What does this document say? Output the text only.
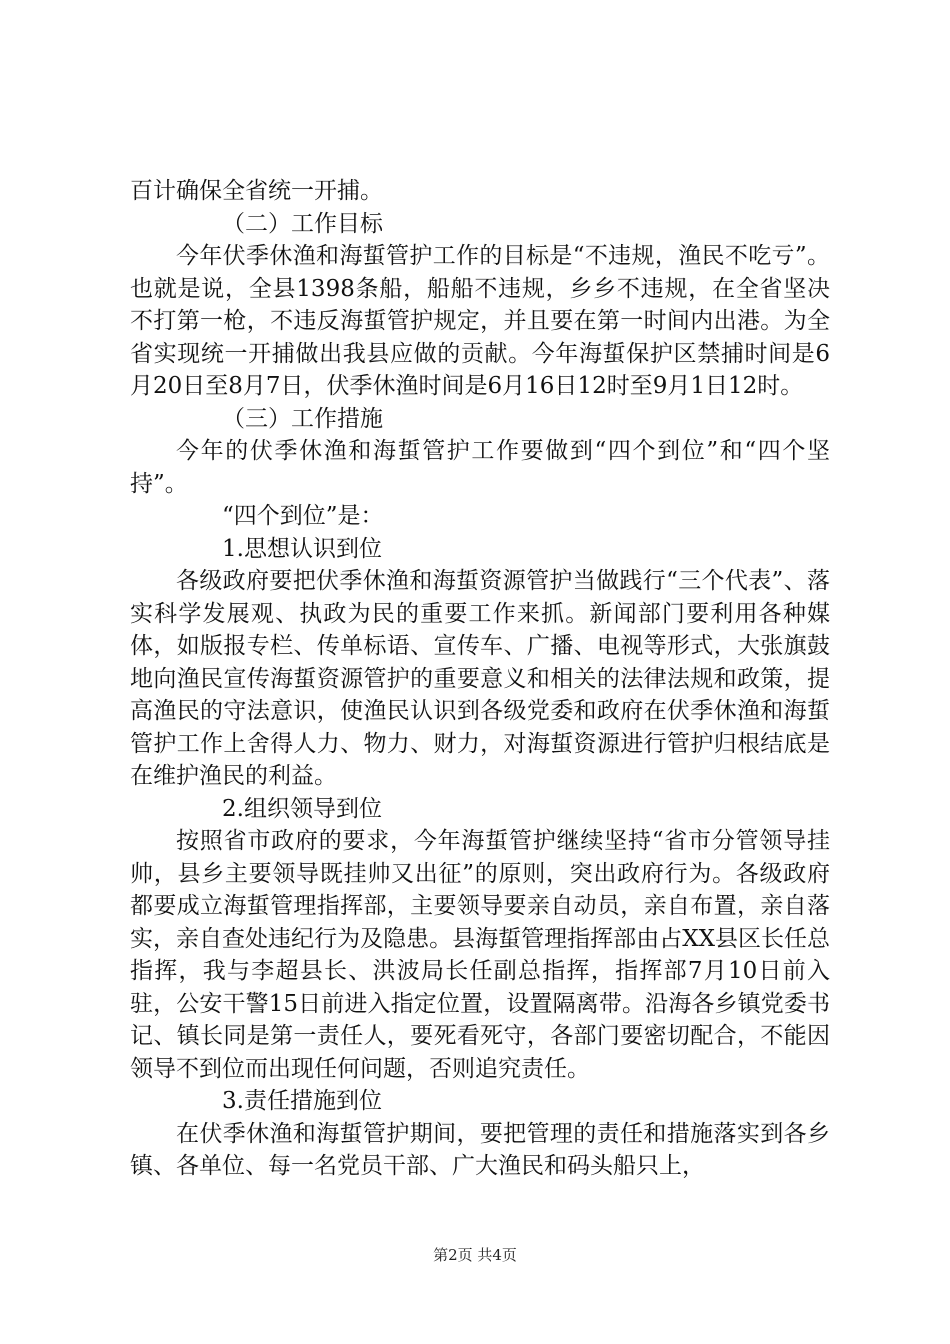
百计确保全省统一开捕。

（二）工作目标

今年伏季休渔和海蜇管护工作的目标是“不违规，渔民不吃亏”。也就是说，全县1398条船，船船不违规，乡乡不违规，在全省坚决不打第一枪，不违反海蜇管护规定，并且要在第一时间内出港。为全省实现统一开捕做出我县应做的贡献。今年海蜇保护区禁捕时间是6月20日至8月7日，伏季休渔时间是6月16日12时至9月1日12时。

（三）工作措施

今年的伏季休渔和海蜇管护工作要做到“四个到位”和“四个坚持”。

“四个到位”是：

1.思想认识到位

各级政府要把伏季休渔和海蜇资源管护当做践行“三个代表”、落实科学发展观、执政为民的重要工作来抓。新闻部门要利用各种媒体，如版报专栏、传单标语、宣传车、广播、电视等形式，大张旗鼓地向渔民宣传海蜇资源管护的重要意义和相关的法律法规和政策，提高渔民的守法意识，使渔民认识到各级党委和政府在伏季休渔和海蜇管护工作上舍得人力、物力、财力，对海蜇资源进行管护归根结底是在维护渔民的利益。

2.组织领导到位

按照省市政府的要求，今年海蜇管护继续坚持“省市分管领导挂帅，县乡主要领导既挂帅又出征”的原则，突出政府行为。各级政府都要成立海蜇管理指挥部，主要领导要亲自动员，亲自布置，亲自落实，亲自查处违纪行为及隐患。县海蜇管理指挥部由占XX县区长任总指挥，我与李超县长、洪波局长任副总指挥，指挥部7月10日前入驻，公安干警15日前进入指定位置，设置隔离带。沿海各乡镇党委书记、镇长同是第一责任人，要死看死守，各部门要密切配合，不能因领导不到位而出现任何问题，否则追究责任。

3.责任措施到位

在伏季休渔和海蜇管护期间，要把管理的责任和措施落实到各乡镇、各单位、每一名党员干部、广大渔民和码头船只上，

第2页 共4页
